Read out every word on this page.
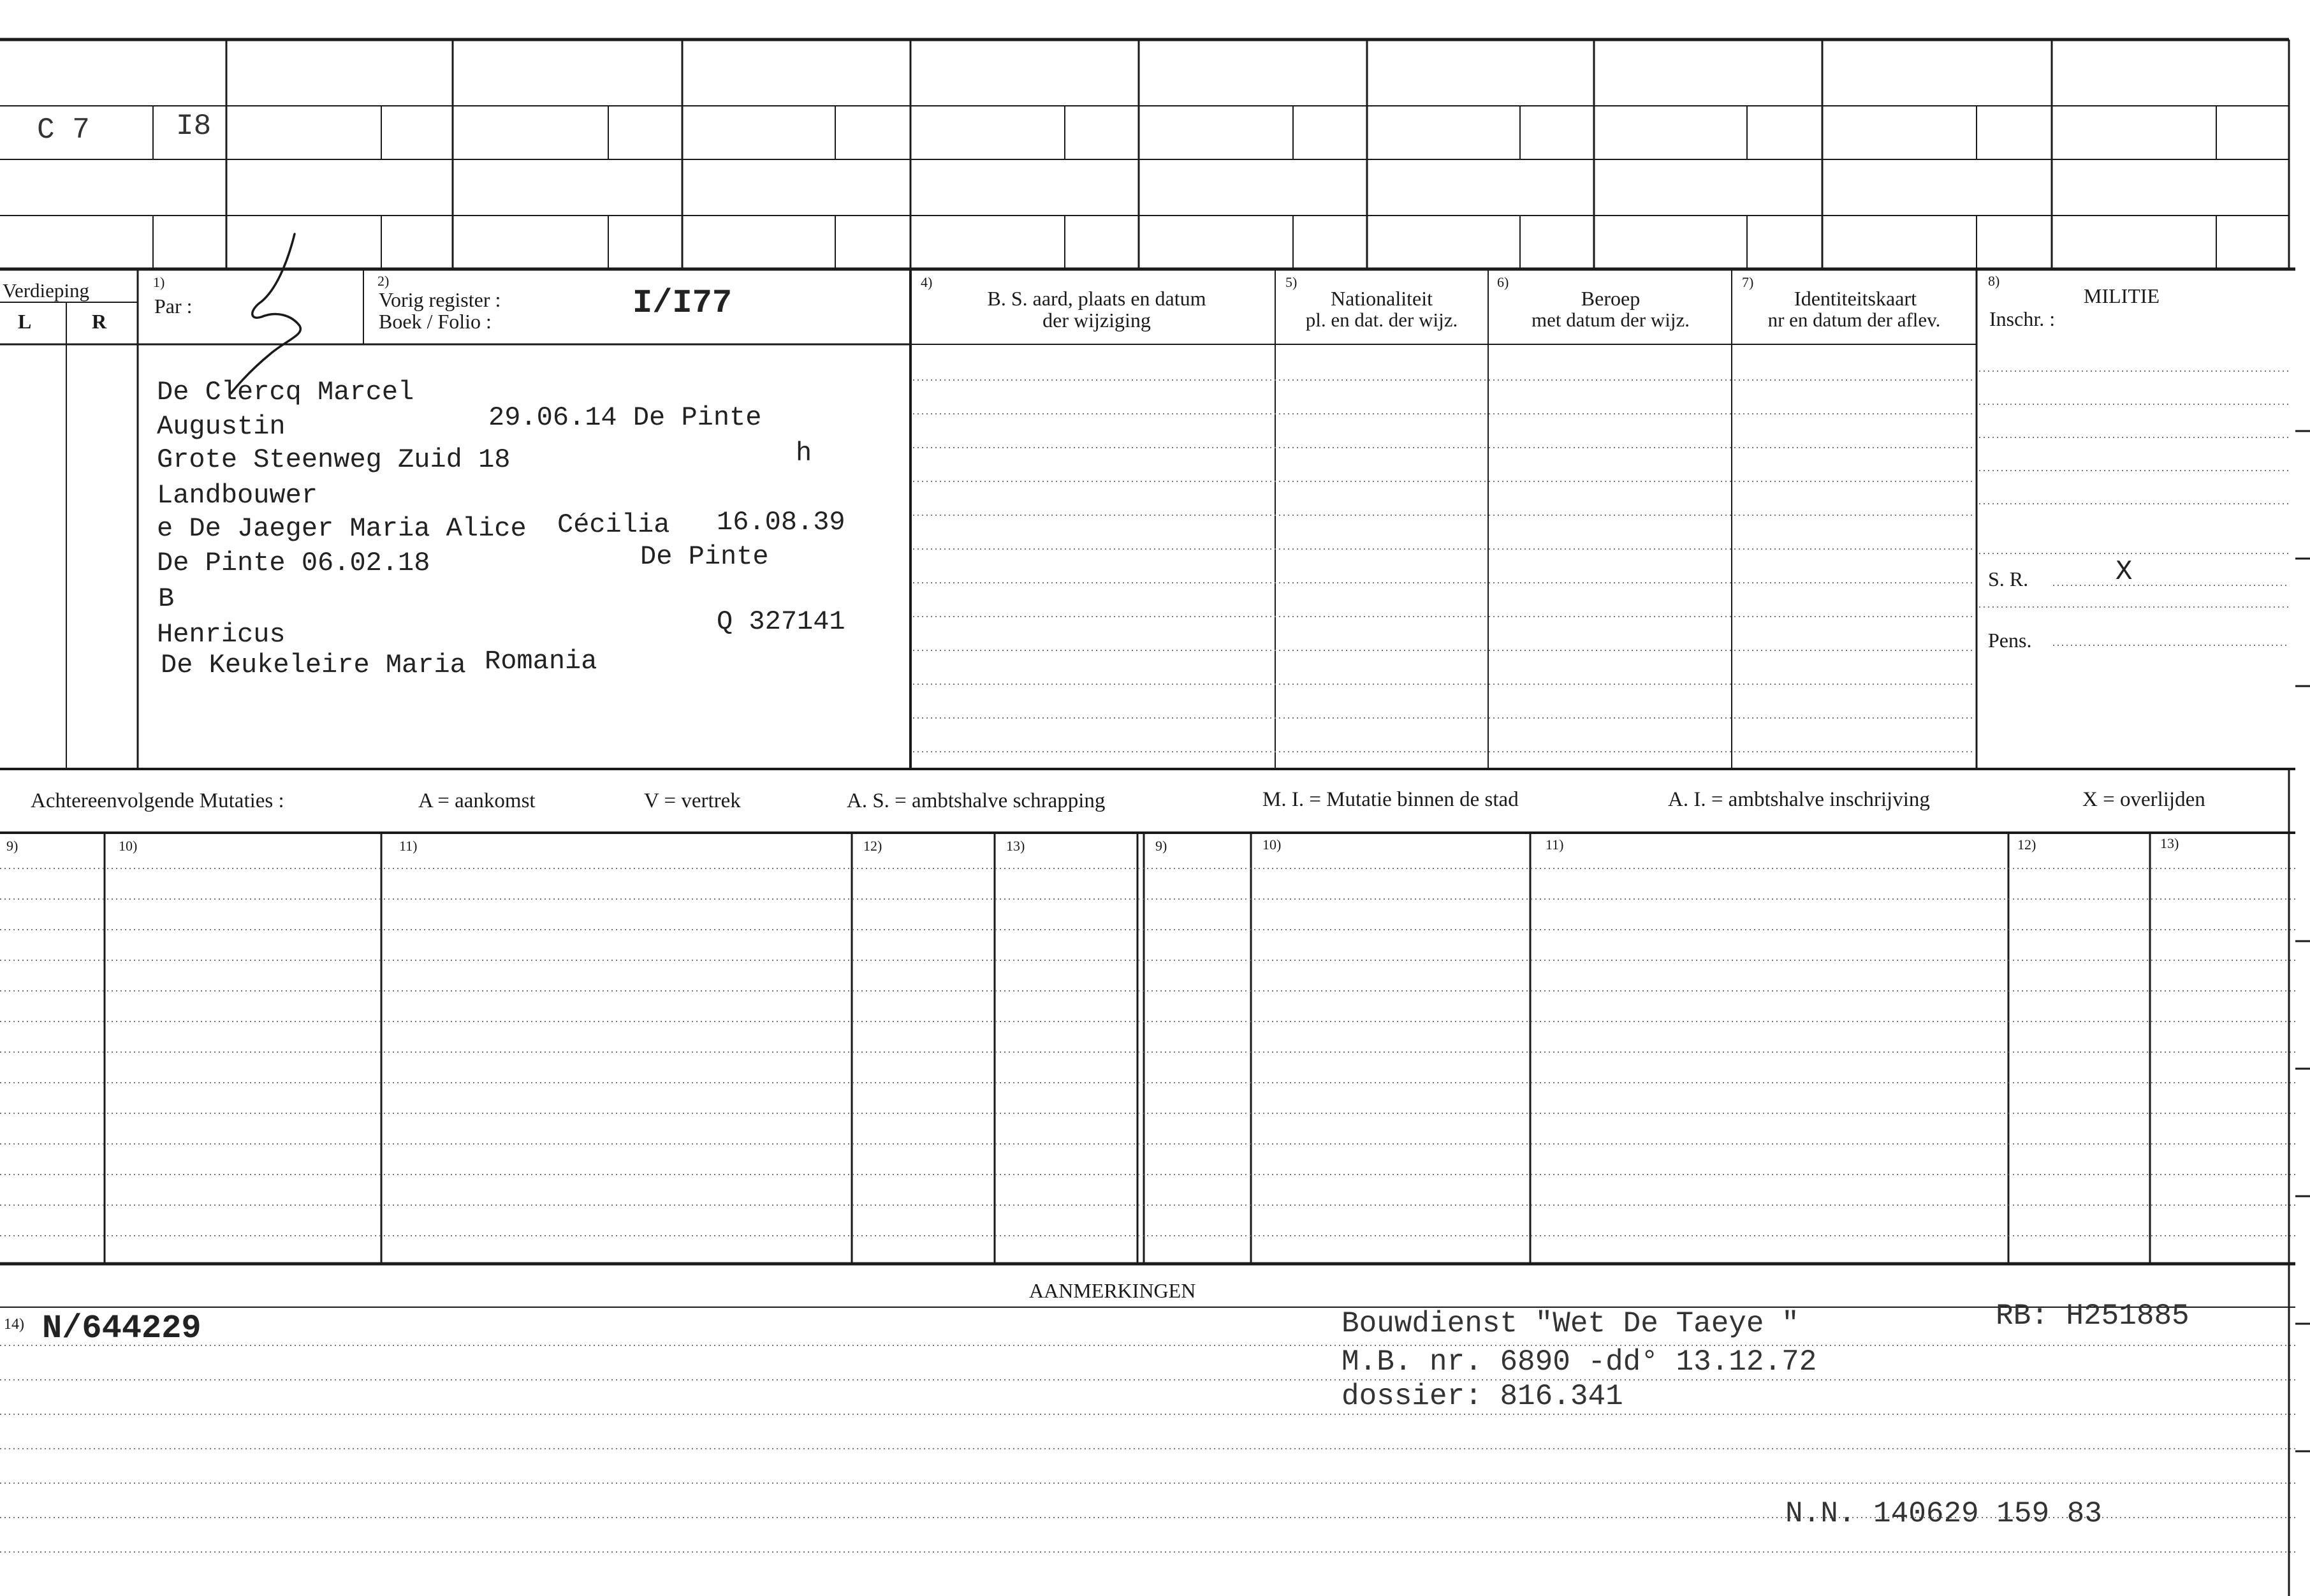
C 7	I8
Verdieping
L	R
1)
Par :
2)
Vorig register :
Boek / Folio :	I/I77
4)
B. S. aard, plaats en datum
der wijziging
5)
Nationaliteit
pl. en dat. der wijz.
6)
Beroep
met datum der wijz.
7)
Identiteitskaart
nr en datum der aflev.
8)
MILITIE
Inschr. :
S. R.	X
Pens.
De Clercq Marcel
Augustin	29.06.14 De Pinte
Grote Steenweg Zuid 18	h
Landbouwer
e De Jaeger Maria Alice Cécilia 16.08.39
De Pinte 06.02.18	De Pinte
B
Henricus	Q 327141
De Keukeleire Maria Romania
Achtereenvolgende Mutaties :	A = aankomst	V = vertrek	A. S. = ambtshalve schrapping	M. I. = Mutatie binnen de stad	A. I. = ambtshalve inschrijving	X = overlijden
9)	10)	11)	12)	13)	9)	10)	11)	12)	13)
AANMERKINGEN
14) N/644229	Bouwdienst "Wet De Taeye "	RB: H251885
M.B. nr. 6890 -dd° 13.12.72
dossier: 816.341
N.N. 140629 159 83
